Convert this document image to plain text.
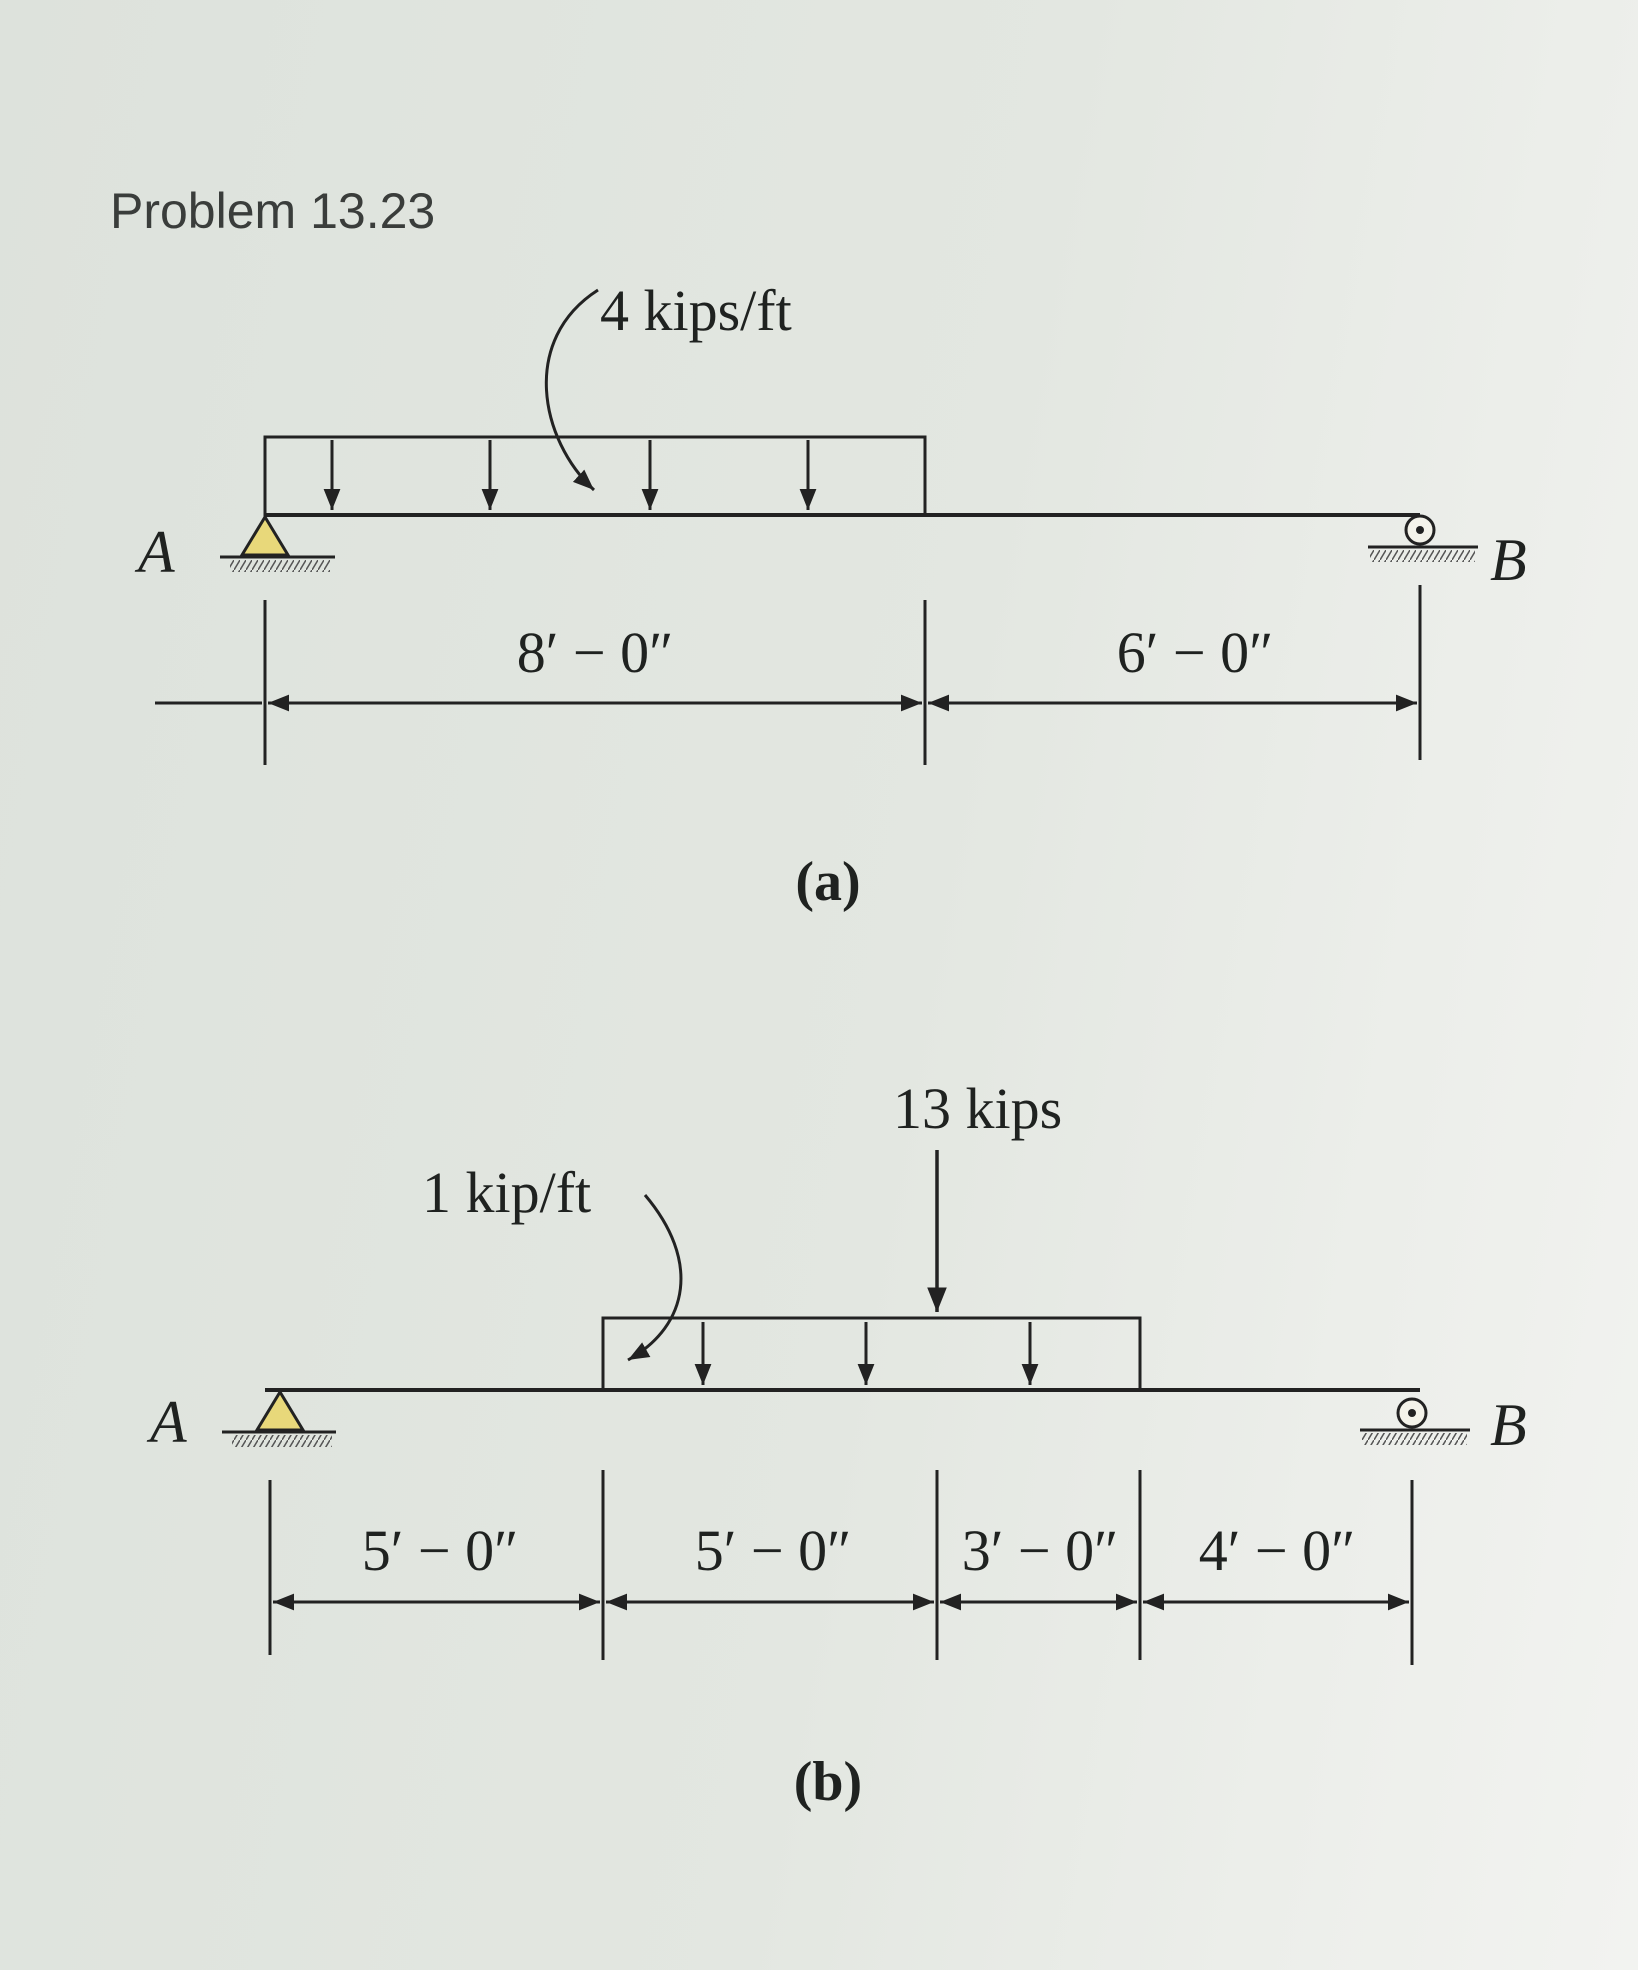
Problem 13.23
4 kips/ft
A	B
8′ − 0″	6′ − 0″
(a)
1 kip/ft
13 kips
A	B
5′ − 0″	5′ − 0″ 3′ − 0″ 4′ − 0″
(b)
